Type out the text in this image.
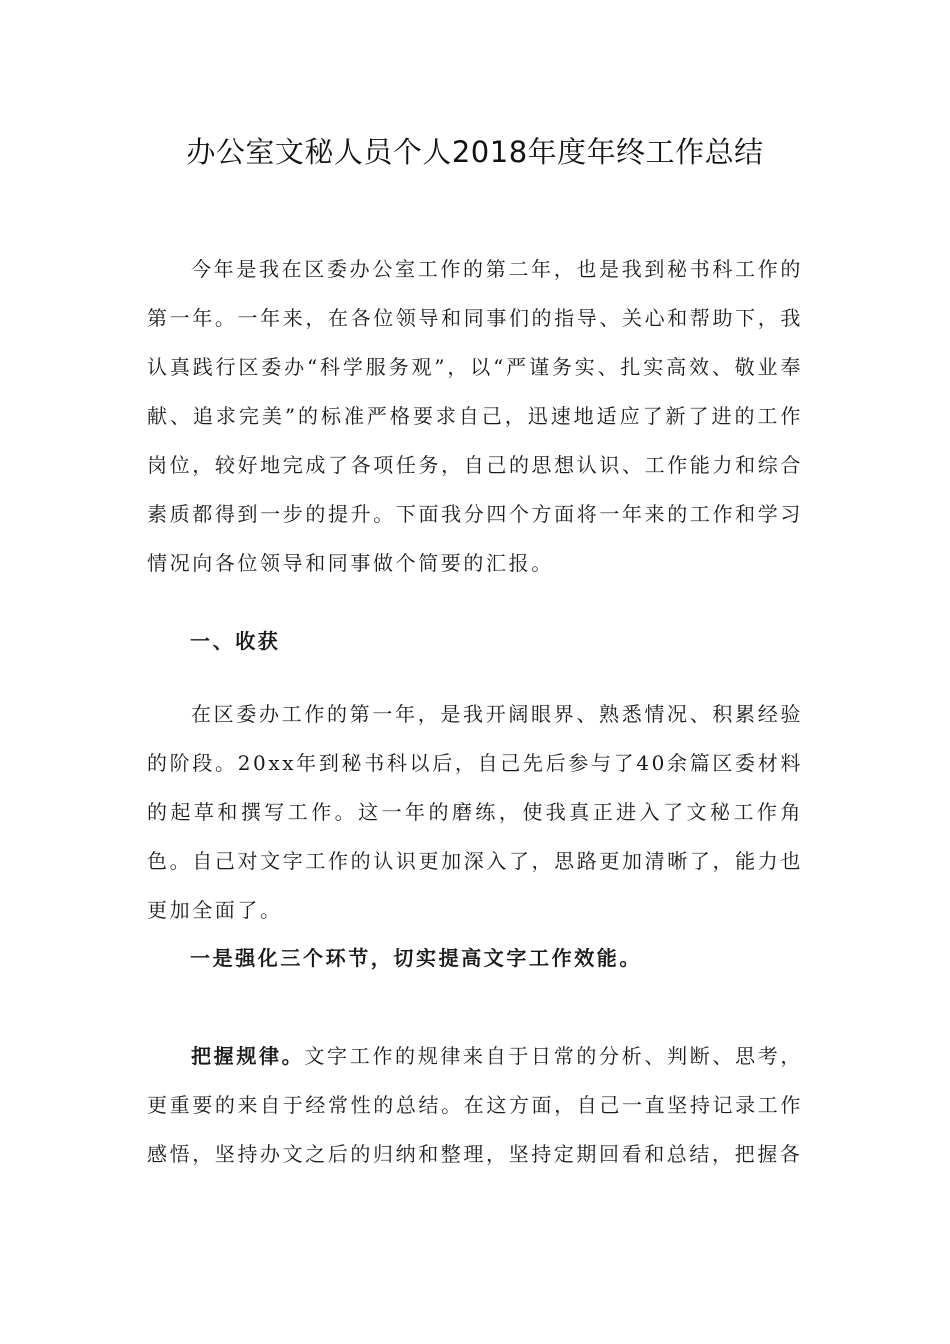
办公室文秘人员个人2018年度年终工作总结

今年是我在区委办公室工作的第二年，也是我到秘书科工作的第一年。一年来，在各位领导和同事们的指导、关心和帮助下，我认真践行区委办“科学服务观”，以“严谨务实、扎实高效、敬业奉献、追求完美”的标准严格要求自己，迅速地适应了新了进的工作岗位，较好地完成了各项任务，自己的思想认识、工作能力和综合素质都得到一步的提升。下面我分四个方面将一年来的工作和学习情况向各位领导和同事做个简要的汇报。

一、收获

在区委办工作的第一年，是我开阔眼界、熟悉情况、积累经验的阶段。20xx年到秘书科以后，自己先后参与了40余篇区委材料的起草和撰写工作。这一年的磨练，使我真正进入了文秘工作角色。自己对文字工作的认识更加深入了，思路更加清晰了，能力也更加全面了。

一是强化三个环节，切实提高文字工作效能。

把握规律。文字工作的规律来自于日常的分析、判断、思考，更重要的来自于经常性的总结。在这方面，自己一直坚持记录工作感悟，坚持办文之后的归纳和整理，坚持定期回看和总结，把握各
